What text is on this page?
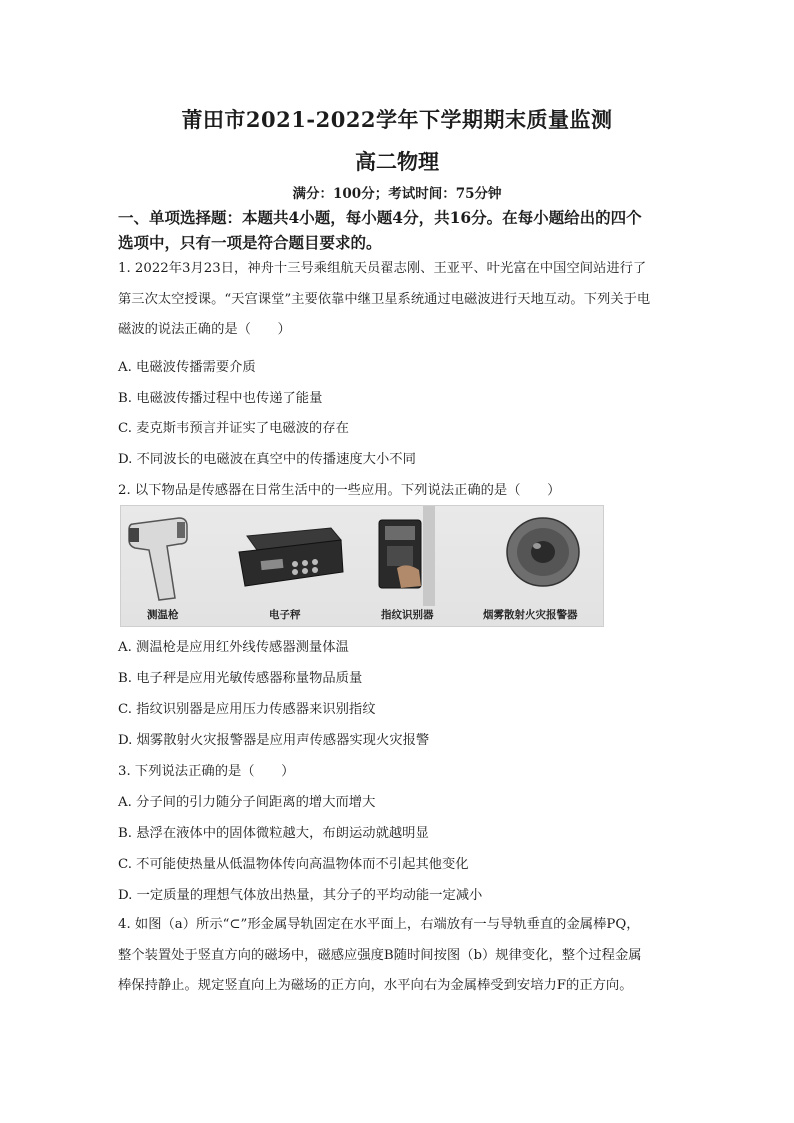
莆田市2021-2022学年下学期期末质量监测
高二物理
满分：100分；考试时间：75分钟
一、单项选择题：本题共4小题，每小题4分，共16分。在每小题给出的四个
选项中，只有一项是符合题目要求的。
1. 2022年3月23日，神舟十三号乘组航天员翟志刚、王亚平、叶光富在中国空间站进行了
第三次太空授课。“天宫课堂”主要依靠中继卫星系统通过电磁波进行天地互动。下列关于电
磁波的说法正确的是（　　）
A. 电磁波传播需要介质
B. 电磁波传播过程中也传递了能量
C. 麦克斯韦预言并证实了电磁波的存在
D. 不同波长的电磁波在真空中的传播速度大小不同
2. 以下物品是传感器在日常生活中的一些应用。下列说法正确的是（　　）
测温枪	电子秤	指纹识别器	烟雾散射火灾报警器
A. 测温枪是应用红外线传感器测量体温
B. 电子秤是应用光敏传感器称量物品质量
C. 指纹识别器是应用压力传感器来识别指纹
D. 烟雾散射火灾报警器是应用声传感器实现火灾报警
3. 下列说法正确的是（　　）
A. 分子间的引力随分子间距离的增大而增大
B. 悬浮在液体中的固体微粒越大，布朗运动就越明显
C. 不可能使热量从低温物体传向高温物体而不引起其他变化
D. 一定质量的理想气体放出热量，其分子的平均动能一定减小
4. 如图（a）所示“⊂”形金属导轨固定在水平面上，右端放有一与导轨垂直的金属棒PQ，
整个装置处于竖直方向的磁场中，磁感应强度B随时间按图（b）规律变化，整个过程金属
棒保持静止。规定竖直向上为磁场的正方向，水平向右为金属棒受到安培力F的正方向。
